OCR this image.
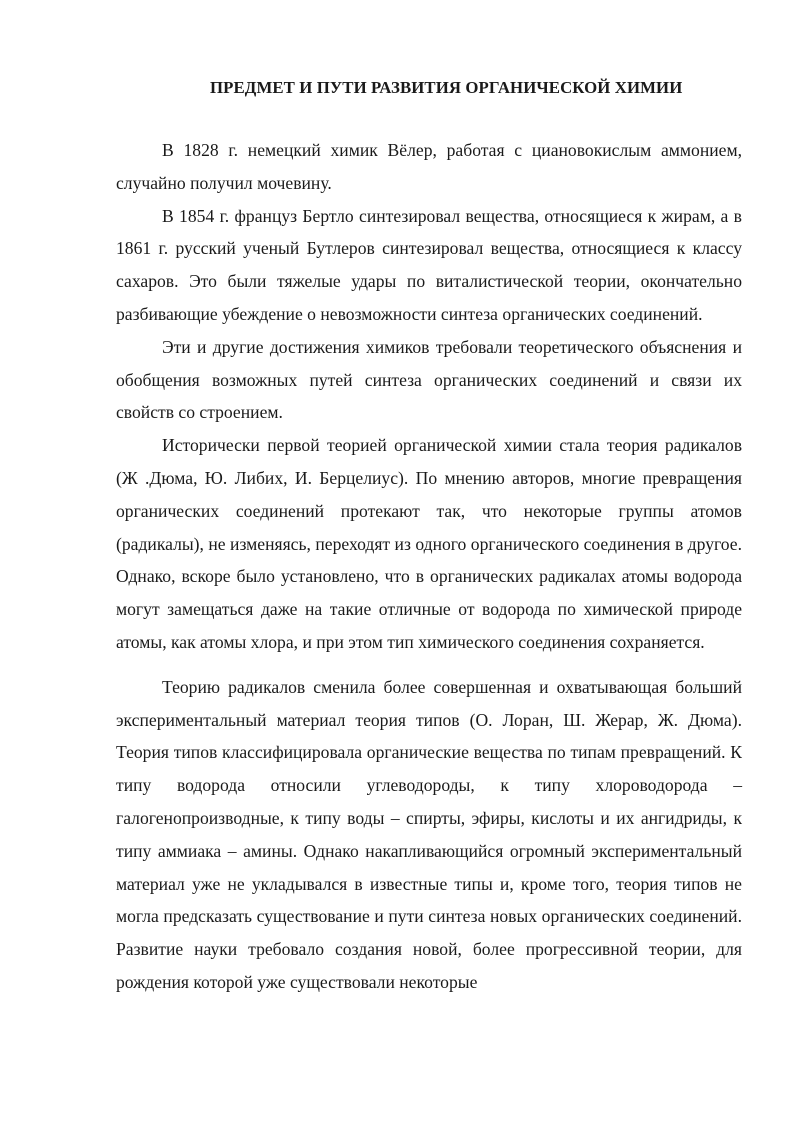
ПРЕДМЕТ И ПУТИ РАЗВИТИЯ ОРГАНИЧЕСКОЙ ХИМИИ

В 1828 г. немецкий химик Вёлер, работая с циановокислым аммонием, случайно получил мочевину.

В 1854 г. француз Бертло синтезировал вещества, относящиеся к жирам, а в 1861 г. русский ученый Бутлеров синтезировал вещества, относящиеся к классу сахаров. Это были тяжелые удары по виталистической теории, окончательно разбивающие убеждение о невозможности синтеза органических соединений.

Эти и другие достижения химиков требовали теоретического объяснения и обобщения возможных путей синтеза органических соединений и связи их свойств со строением.

Исторически первой теорией органической химии стала теория радикалов (Ж .Дюма, Ю. Либих, И. Берцелиус). По мнению авторов, многие превращения органических соединений протекают так, что некоторые группы атомов (радикалы), не изменяясь, переходят из одного органического соединения в другое. Однако, вскоре было установлено, что в органических радикалах атомы водорода могут замещаться даже на такие отличные от водорода по химической природе атомы, как атомы хлора, и при этом тип химического соединения сохраняется.

Теорию радикалов сменила более совершенная и охватывающая больший экспериментальный материал теория типов (О. Лоран, Ш. Жерар, Ж. Дюма). Теория типов классифицировала органические вещества по типам превращений. К типу водорода относили углеводороды, к типу хлороводорода – галогенопроизводные, к типу воды – спирты, эфиры, кислоты и их ангидриды, к типу аммиака – амины. Однако накапливающийся огромный экспериментальный материал уже не укладывался в известные типы и, кроме того, теория типов не могла предсказать существование и пути синтеза новых органических соединений. Развитие науки требовало создания новой, более прогрессивной теории, для рождения которой уже существовали некоторые
